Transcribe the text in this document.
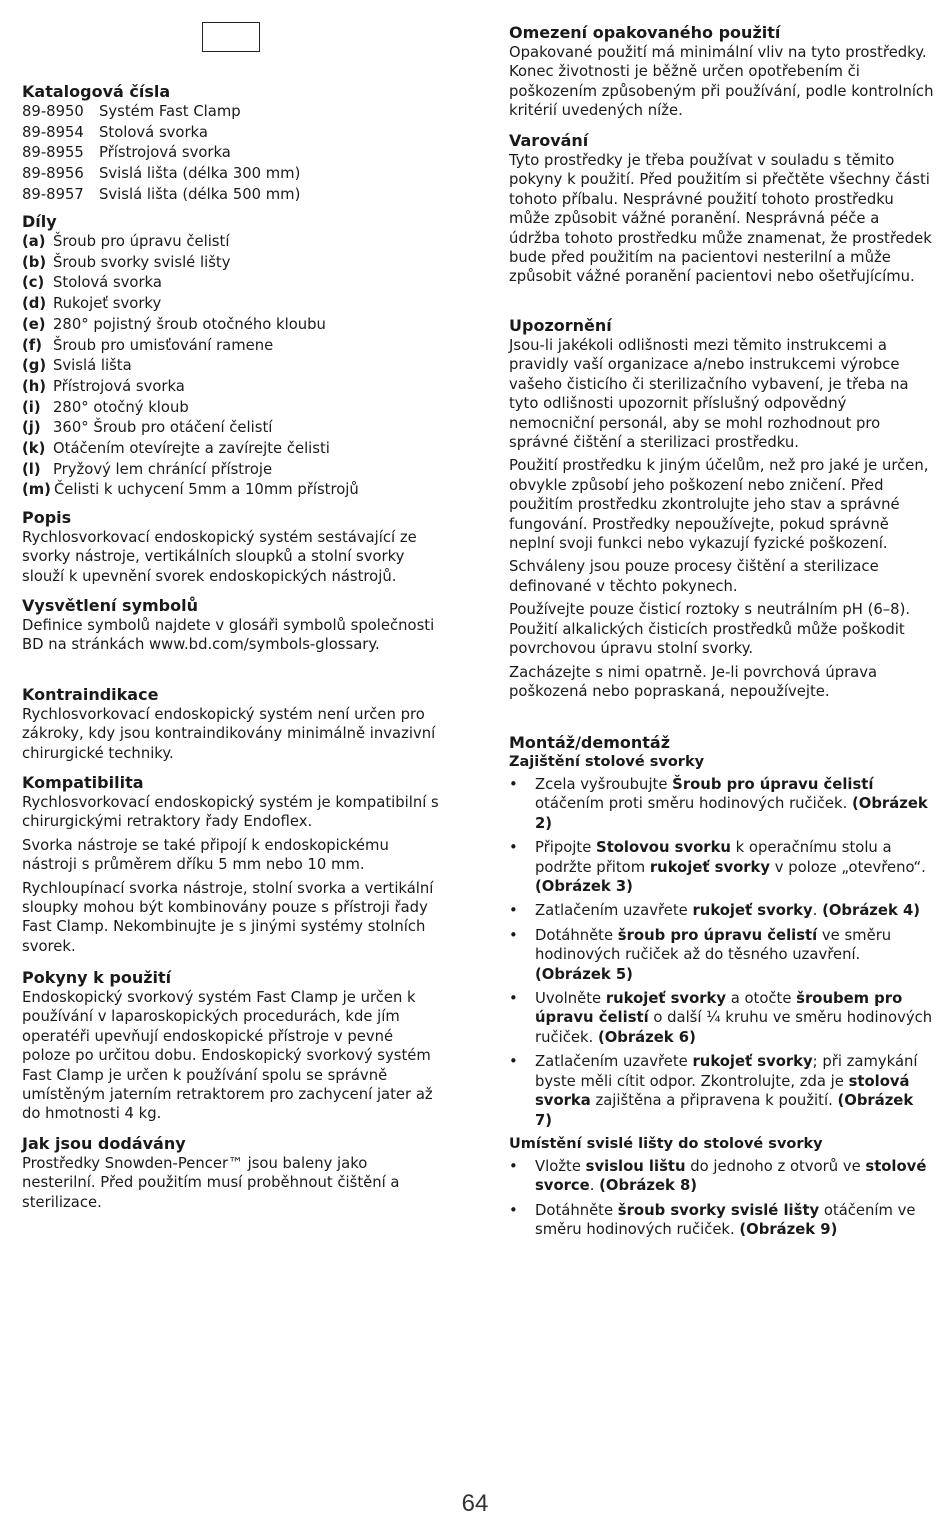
Katalogová čísla
89-8950 Systém Fast Clamp
89-8954 Stolová svorka
89-8955 Přístrojová svorka
89-8956 Svislá lišta (délka 300 mm)
89-8957 Svislá lišta (délka 500 mm)
Díly
(a) Šroub pro úpravu čelistí
(b) Šroub svorky svislé lišty
(c) Stolová svorka
(d) Rukojeť svorky
(e) 280° pojistný šroub otočného kloubu
(f) Šroub pro umisťování ramene
(g) Svislá lišta
(h) Přístrojová svorka
(i) 280° otočný kloub
(j) 360° Šroub pro otáčení čelistí
(k) Otáčením otevírejte a zavírejte čelisti
(l) Pryžový lem chránící přístroje
(m) Čelisti k uchycení 5mm a 10mm přístrojů
Popis

Rychlosvorkovací endoskopický systém sestávající ze svorky nástroje, vertikálních sloupků a stolní svorky slouží k upevnění svorek endoskopických nástrojů.

Vysvětlení symbolů

Definice symbolů najdete v glosáři symbolů společnosti BD na stránkách www.bd.com/symbols-glossary.

Kontraindikace

Rychlosvorkovací endoskopický systém není určen pro zákroky, kdy jsou kontraindikovány minimálně invazivní chirurgické techniky.

Kompatibilita

Rychlosvorkovací endoskopický systém je kompatibilní s chirurgickými retraktory řady Endoflex.

Svorka nástroje se také připojí k endoskopickému nástroji s průměrem dříku 5 mm nebo 10 mm.

Rychloupínací svorka nástroje, stolní svorka a vertikální sloupky mohou být kombinovány pouze s přístroji řady Fast Clamp. Nekombinujte je s jinými systémy stolních svorek.

Pokyny k použití

Endoskopický svorkový systém Fast Clamp je určen k používání v laparoskopických procedurách, kde jím operatéři upevňují endoskopické přístroje v pevné poloze po určitou dobu. Endoskopický svorkový systém Fast Clamp je určen k používání spolu se správně umístěným jaterním retraktorem pro zachycení jater až do hmotnosti 4 kg.

Jak jsou dodávány

Prostředky Snowden-Pencer™ jsou baleny jako nesterilní. Před použitím musí proběhnout čištění a sterilizace.

Omezení opakovaného použití

Opakované použití má minimální vliv na tyto prostředky. Konec životnosti je běžně určen opotřebením či poškozením způsobeným při používání, podle kontrolních kritérií uvedených níže.

Varování

Tyto prostředky je třeba používat v souladu s těmito pokyny k použití. Před použitím si přečtěte všechny části tohoto příbalu. Nesprávné použití tohoto prostředku může způsobit vážné poranění. Nesprávná péče a údržba tohoto prostředku může znamenat, že prostředek bude před použitím na pacientovi nesterilní a může způsobit vážné poranění pacientovi nebo ošetřujícímu.

Upozornění

Jsou-li jakékoli odlišnosti mezi těmito instrukcemi a pravidly vaší organizace a/nebo instrukcemi výrobce vašeho čisticího či sterilizačního vybavení, je třeba na tyto odlišnosti upozornit příslušný odpovědný nemocniční personál, aby se mohl rozhodnout pro správné čištění a sterilizaci prostředku.

Použití prostředku k jiným účelům, než pro jaké je určen, obvykle způsobí jeho poškození nebo zničení. Před použitím prostředku zkontrolujte jeho stav a správné fungování. Prostředky nepoužívejte, pokud správně neplní svoji funkci nebo vykazují fyzické poškození.

Schváleny jsou pouze procesy čištění a sterilizace definované v těchto pokynech.

Používejte pouze čisticí roztoky s neutrálním pH (6–8). Použití alkalických čisticích prostředků může poškodit povrchovou úpravu stolní svorky.

Zacházejte s nimi opatrně. Je-li povrchová úprava poškozená nebo popraskaná, nepoužívejte.

Montáž/demontáž
Zajištění stolové svorky
• Zcela vyšroubujte Šroub pro úpravu čelistí otáčením proti směru hodinových ručiček. (Obrázek 2)
• Připojte Stolovou svorku k operačnímu stolu a podržte přitom rukojeť svorky v poloze „otevřeno“. (Obrázek 3)
• Zatlačením uzavřete rukojeť svorky. (Obrázek 4)
• Dotáhněte šroub pro úpravu čelistí ve směru hodinových ručiček až do těsného uzavření. (Obrázek 5)
• Uvolněte rukojeť svorky a otočte šroubem pro úpravu čelistí o další ¼ kruhu ve směru hodinových ručiček. (Obrázek 6)
• Zatlačením uzavřete rukojeť svorky; při zamykání byste měli cítit odpor. Zkontrolujte, zda je stolová svorka zajištěna a připravena k použití. (Obrázek 7)
Umístění svislé lišty do stolové svorky
• Vložte svislou lištu do jednoho z otvorů ve stolové svorce. (Obrázek 8)
• Dotáhněte šroub svorky svislé lišty otáčením ve směru hodinových ručiček. (Obrázek 9)
64
